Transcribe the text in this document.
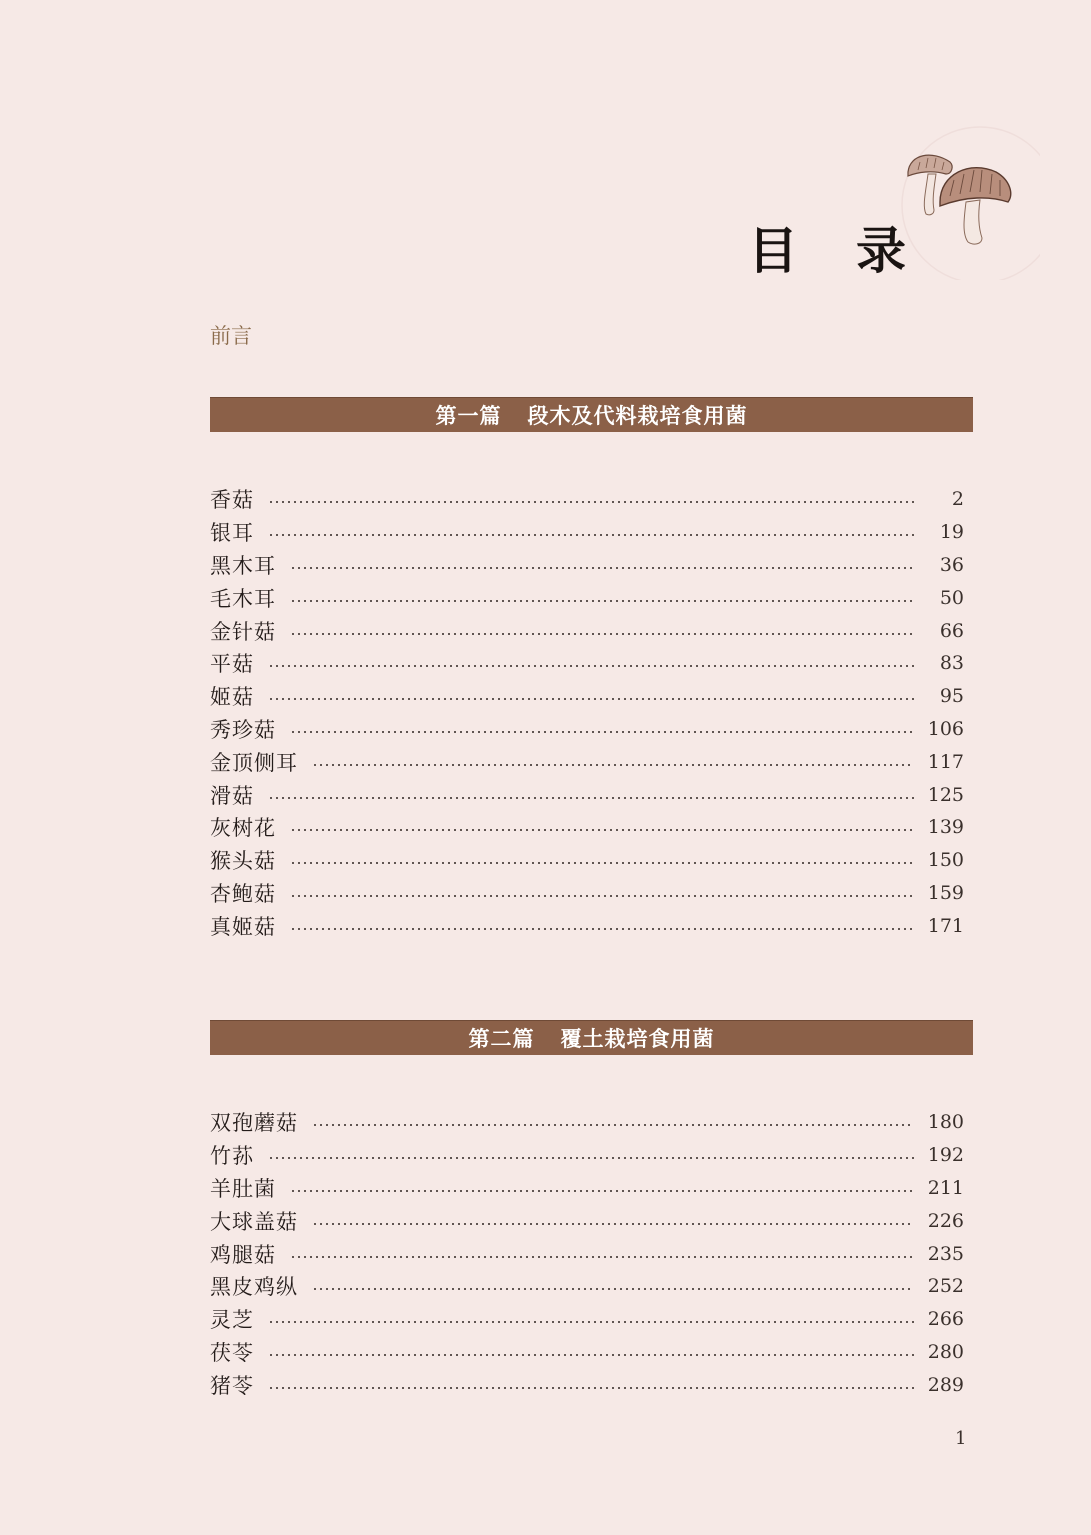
目录
前言
第一篇 段木及代料栽培食用菌
香菇	2
银耳	19
黑木耳	36
毛木耳	50
金针菇	66
平菇	83
姬菇	95
秀珍菇	106
金顶侧耳	117
滑菇	125
灰树花	139
猴头菇	150
杏鲍菇	159
真姬菇	171
第二篇 覆土栽培食用菌
双孢蘑菇	180
竹荪	192
羊肚菌	211
大球盖菇	226
鸡腿菇	235
黑皮鸡纵	252
灵芝	266
茯苓	280
猪苓	289
1
